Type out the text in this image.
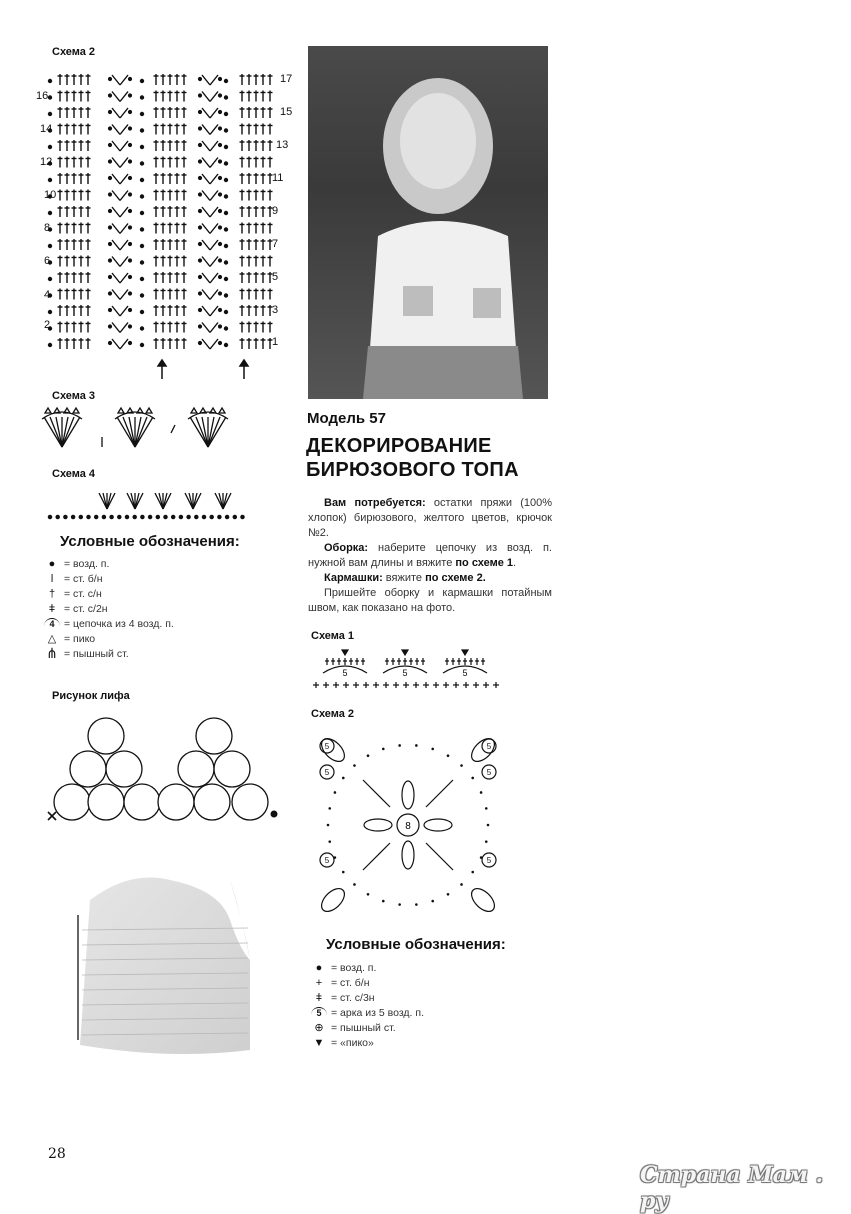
Схема 2
16
14
12
10
8
6
4
2
17
15
13
11
9
7
5
3
1
Схема 3
Схема 4
Условные обозначения:
● = возд. п.
ǀ	= ст. б/н
† = ст. с/н
ǂ = ст. с/2н
4 = цепочка из 4 возд. п.
△ = пико
⋔ = пышный ст.
Рисунок лифа
28
Модель 57
ДЕКОРИРОВАНИЕ
БИРЮЗОВОГО ТОПА
Вам потребуется: остатки пряжи (100% хлопок) бирюзового, желтого цветов, крючок №2.
Оборка: наберите цепочку из возд. п. нужной вам длины и вяжите по схеме 1.
Кармашки: вяжите по схеме 2.
Пришейте оборку и кармашки потайным швом, как показано на фото.
Схема 1
5	5	5
Схема 2
5
5
5
5
5	5
8
Условные обозначения:
● = возд. п.
+ = ст. б/н
ǂ = ст. с/3н
5 = арка из 5 возд. п.
⊕ = пышный ст.
▼ = «пико»
Страна Мам . ру
